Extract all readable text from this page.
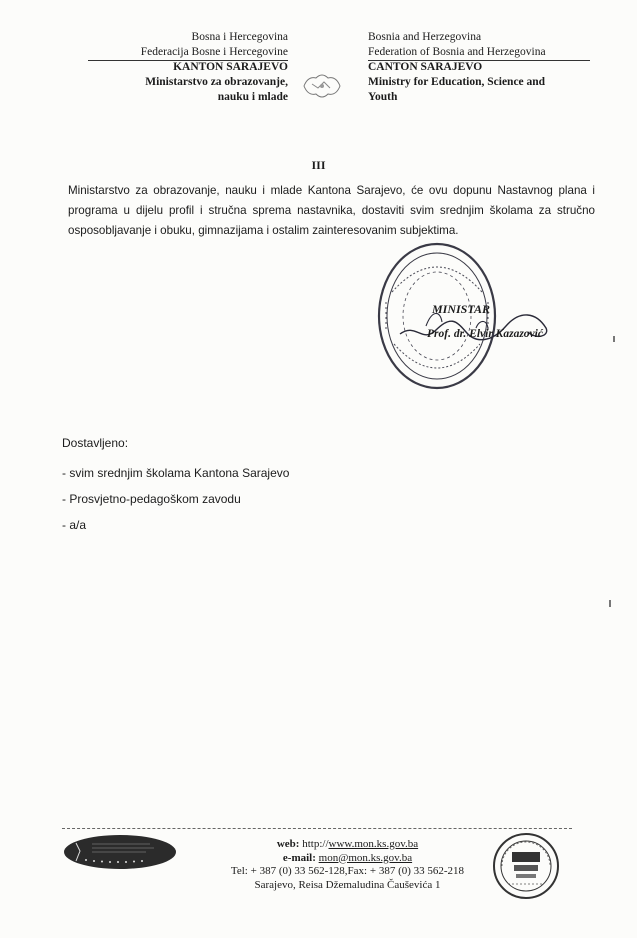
Bosna i Hercegovina
Federacija Bosne i Hercegovine
KANTON SARAJEVO
Ministarstvo za obrazovanje,
nauku i mlade
Bosnia and Herzegovina
Federation of Bosnia and Herzegovina
CANTON SARAJEVO
Ministry for Education, Science and
Youth
III
Ministarstvo za obrazovanje, nauku i mlade Kantona Sarajevo, će ovu dopunu Nastavnog plana i programa u dijelu profil i stručna sprema nastavnika, dostaviti svim srednjim školama za stručno osposobljavanje i obuku, gimnazijama i ostalim zainteresovanim subjektima.
MINISTAR
Prof. dr. Elvir Kazazović
Dostavljeno:
- svim srednjim školama Kantona Sarajevo
- Prosvjetno-pedagoškom zavodu
- a/a
web: http://www.mon.ks.gov.ba
e-mail: mon@mon.ks.gov.ba
Tel: + 387 (0) 33 562-128,Fax: + 387 (0) 33 562-218
Sarajevo, Reisa Džemaludina Čauševića 1
